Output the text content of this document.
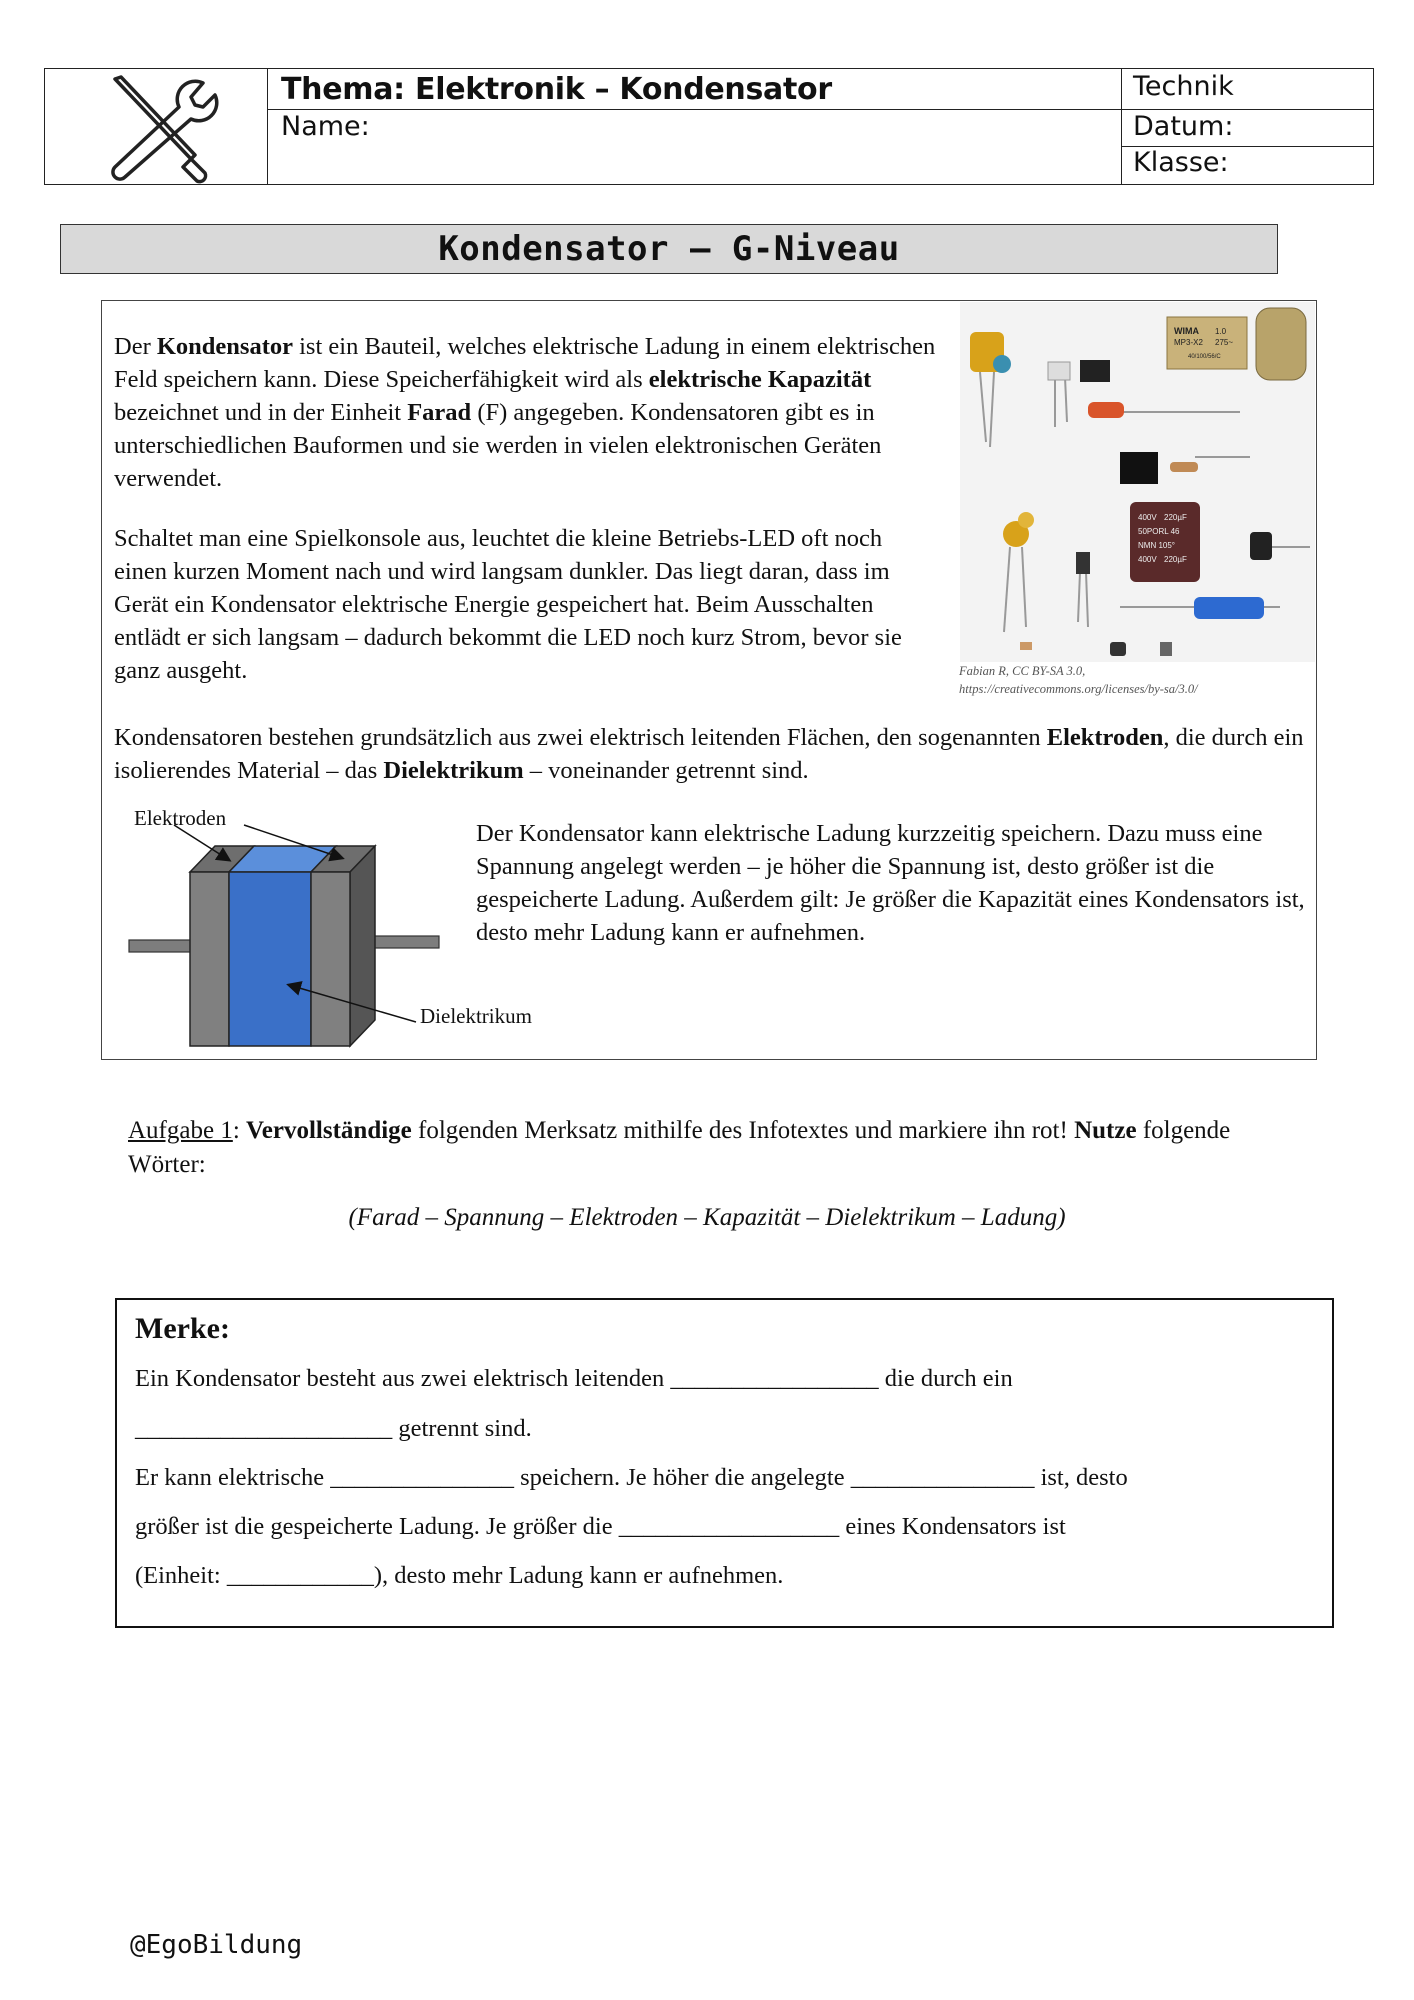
Thema: Elektronik – Kondensator
Name:
Technik
Datum:
Klasse:
Kondensator – G-Niveau
Der Kondensator ist ein Bauteil, welches elektrische Ladung in einem elektrischen Feld speichern kann. Diese Speicherfähigkeit wird als elektrische Kapazität bezeichnet und in der Einheit Farad (F) angegeben. Kondensatoren gibt es in unterschiedlichen Bauformen und sie werden in vielen elektronischen Geräten verwendet.
Schaltet man eine Spielkonsole aus, leuchtet die kleine Betriebs-LED oft noch einen kurzen Moment nach und wird langsam dunkler. Das liegt daran, dass im Gerät ein Kondensator elektrische Energie gespeichert hat. Beim Ausschalten entlädt er sich langsam – dadurch bekommt die LED noch kurz Strom, bevor sie ganz ausgeht.
WIMA
MP3-X2
1.0
275~
40/100/56/C
400V 220µF
50PORL 46
NMN 105°
400V 220µF
Fabian R, CC BY-SA 3.0,
https://creativecommons.org/licenses/by-sa/3.0/
Kondensatoren bestehen grundsätzlich aus zwei elektrisch leitenden Flächen, den sogenannten Elektroden, die durch ein isolierendes Material – das Dielektrikum – voneinander getrennt sind.
Elektroden
Dielektrikum
Der Kondensator kann elektrische Ladung kurzzeitig speichern. Dazu muss eine Spannung angelegt werden – je höher die Spannung ist, desto größer ist die gespeicherte Ladung. Außerdem gilt: Je größer die Kapazität eines Kondensators ist, desto mehr Ladung kann er aufnehmen.
Aufgabe 1: Vervollständige folgenden Merksatz mithilfe des Infotextes und markiere ihn rot! Nutze folgende Wörter:
(Farad – Spannung – Elektroden – Kapazität – Dielektrikum – Ladung)
Merke:
Ein Kondensator besteht aus zwei elektrisch leitenden _________________ die durch ein
_____________________ getrennt sind.
Er kann elektrische _______________ speichern. Je höher die angelegte _______________ ist, desto
größer ist die gespeicherte Ladung. Je größer die __________________ eines Kondensators ist
(Einheit: ____________), desto mehr Ladung kann er aufnehmen.
@EgoBildung
